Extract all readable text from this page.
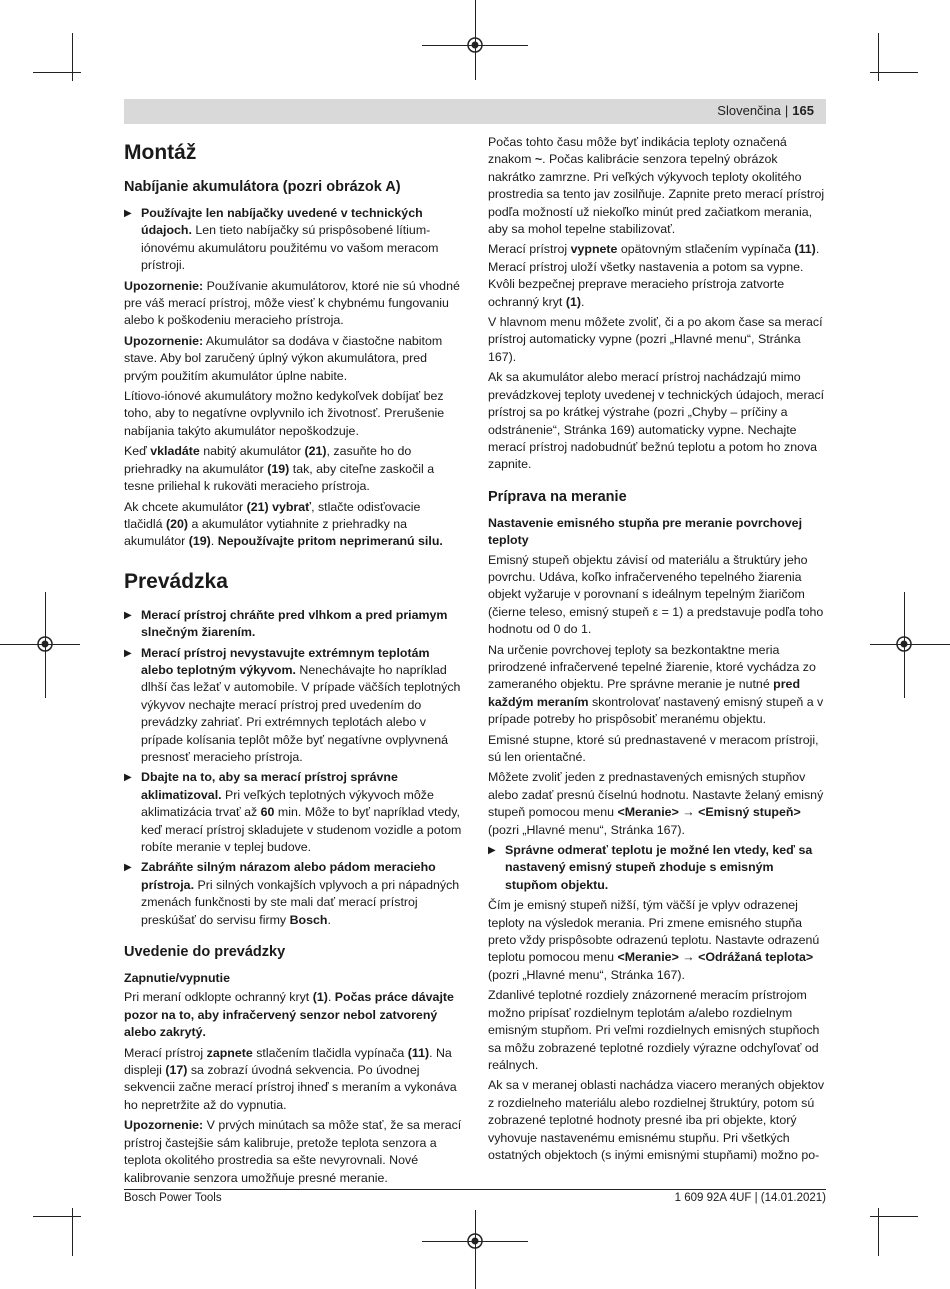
Slovenčina | 165
Montáž
Nabíjanie akumulátora (pozri obrázok A)

▶ Používajte len nabíjačky uvedené v technických údajoch. Len tieto nabíjačky sú prispôsobené lítium-iónovému akumulátoru použitému vo vašom meracom prístroji.

Upozornenie: Používanie akumulátorov, ktoré nie sú vhodné pre váš merací prístroj, môže viesť k chybnému fungovaniu alebo k poškodeniu meracieho prístroja.

Upozornenie: Akumulátor sa dodáva v čiastočne nabitom stave. Aby bol zaručený úplný výkon akumulátora, pred prvým použitím akumulátor úplne nabite.

Lítiovo-iónové akumulátory možno kedykoľvek dobíjať bez toho, aby to negatívne ovplyvnilo ich životnosť. Prerušenie nabíjania takýto akumulátor nepoškodzuje.

Keď vkladáte nabitý akumulátor (21), zasuňte ho do priehradky na akumulátor (19) tak, aby citeľne zaskočil a tesne priliehal k rukoväti meracieho prístroja.

Ak chcete akumulátor (21) vybrať, stlačte odisťovacie tlačidlá (20) a akumulátor vytiahnite z priehradky na akumulátor (19). Nepoužívajte pritom neprimeranú silu.

Prevádzka

▶ Merací prístroj chráňte pred vlhkom a pred priamym slnečným žiarením.

▶ Merací prístroj nevystavujte extrémnym teplotám alebo teplotným výkyvom. Nenechávajte ho napríklad dlhší čas ležať v automobile. V prípade väčších teplotných výkyvov nechajte merací prístroj pred uvedením do prevádzky zahriať. Pri extrémnych teplotách alebo v prípade kolísania teplôt môže byť negatívne ovplyvnená presnosť meracieho prístroja.

▶ Dbajte na to, aby sa merací prístroj správne aklimatizoval. Pri veľkých teplotných výkyvoch môže aklimatizácia trvať až 60 min. Môže to byť napríklad vtedy, keď merací prístroj skladujete v studenom vozidle a potom robíte meranie v teplej budove.

▶ Zabráňte silným nárazom alebo pádom meracieho prístroja. Pri silných vonkajších vplyvoch a pri nápadných zmenách funkčnosti by ste mali dať merací prístroj preskúšať do servisu firmy Bosch.

Uvedenie do prevádzky
Zapnutie/vypnutie

Pri meraní odklopte ochranný kryt (1). Počas práce dávajte pozor na to, aby infračervený senzor nebol zatvorený alebo zakrytý.

Merací prístroj zapnete stlačením tlačidla vypínača (11). Na displeji (17) sa zobrazí úvodná sekvencia. Po úvodnej sekvencii začne merací prístroj ihneď s meraním a vykonáva ho nepretržite až do vypnutia.

Upozornenie: V prvých minútach sa môže stať, že sa merací prístroj častejšie sám kalibruje, pretože teplota senzora a teplota okolitého prostredia sa ešte nevyrovnali. Nové kalibrovanie senzora umožňuje presné meranie.

Počas tohto času môže byť indikácia teploty označená znakom ~. Počas kalibrácie senzora tepelný obrázok nakrátko zamrzne. Pri veľkých výkyvoch teploty okolitého prostredia sa tento jav zosilňuje. Zapnite preto merací prístroj podľa možností už niekoľko minút pred začiatkom merania, aby sa mohol tepelne stabilizovať.

Merací prístroj vypnete opätovným stlačením vypínača (11). Merací prístroj uloží všetky nastavenia a potom sa vypne. Kvôli bezpečnej preprave meracieho prístroja zatvorte ochranný kryt (1).

V hlavnom menu môžete zvoliť, či a po akom čase sa merací prístroj automaticky vypne (pozri „Hlavné menu“, Stránka 167).

Ak sa akumulátor alebo merací prístroj nachádzajú mimo prevádzkovej teploty uvedenej v technických údajoch, merací prístroj sa po krátkej výstrahe (pozri „Chyby – príčiny a odstránenie“, Stránka 169) automaticky vypne. Nechajte merací prístroj nadobudnúť bežnú teplotu a potom ho znova zapnite.

Príprava na meranie
Nastavenie emisného stupňa pre meranie povrchovej teploty

Emisný stupeň objektu závisí od materiálu a štruktúry jeho povrchu. Udáva, koľko infračerveného tepelného žiarenia objekt vyžaruje v porovnaní s ideálnym tepelným žiaričom (čierne teleso, emisný stupeň ε = 1) a predstavuje podľa toho hodnotu od 0 do 1.

Na určenie povrchovej teploty sa bezkontaktne meria prirodzené infračervené tepelné žiarenie, ktoré vychádza zo zameraného objektu. Pre správne meranie je nutné pred každým meraním skontrolovať nastavený emisný stupeň a v prípade potreby ho prispôsobiť meranému objektu.

Emisné stupne, ktoré sú prednastavené v meracom prístroji, sú len orientačné.

Môžete zvoliť jeden z prednastavených emisných stupňov alebo zadať presnú číselnú hodnotu. Nastavte želaný emisný stupeň pomocou menu <Meranie> → <Emisný stupeň> (pozri „Hlavné menu“, Stránka 167).

▶ Správne odmerať teplotu je možné len vtedy, keď sa nastavený emisný stupeň zhoduje s emisným stupňom objektu.

Čím je emisný stupeň nižší, tým väčší je vplyv odrazenej teploty na výsledok merania. Pri zmene emisného stupňa preto vždy prispôsobte odrazenú teplotu. Nastavte odrazenú teplotu pomocou menu <Meranie> → <Odrážaná teplota> (pozri „Hlavné menu“, Stránka 167).

Zdanlivé teplotné rozdiely znázornené meracím prístrojom možno pripísať rozdielnym teplotám a/alebo rozdielnym emisným stupňom. Pri veľmi rozdielnych emisných stupňoch sa môžu zobrazené teplotné rozdiely výrazne odchyľovať od reálnych.

Ak sa v meranej oblasti nachádza viacero meraných objektov z rozdielneho materiálu alebo rozdielnej štruktúry, potom sú zobrazené teplotné hodnoty presné iba pri objekte, ktorý vyhovuje nastavenému emisnému stupňu. Pri všetkých ostatných objektoch (s inými emisnými stupňami) možno po-

Bosch Power Tools	1 609 92A 4UF | (14.01.2021)
